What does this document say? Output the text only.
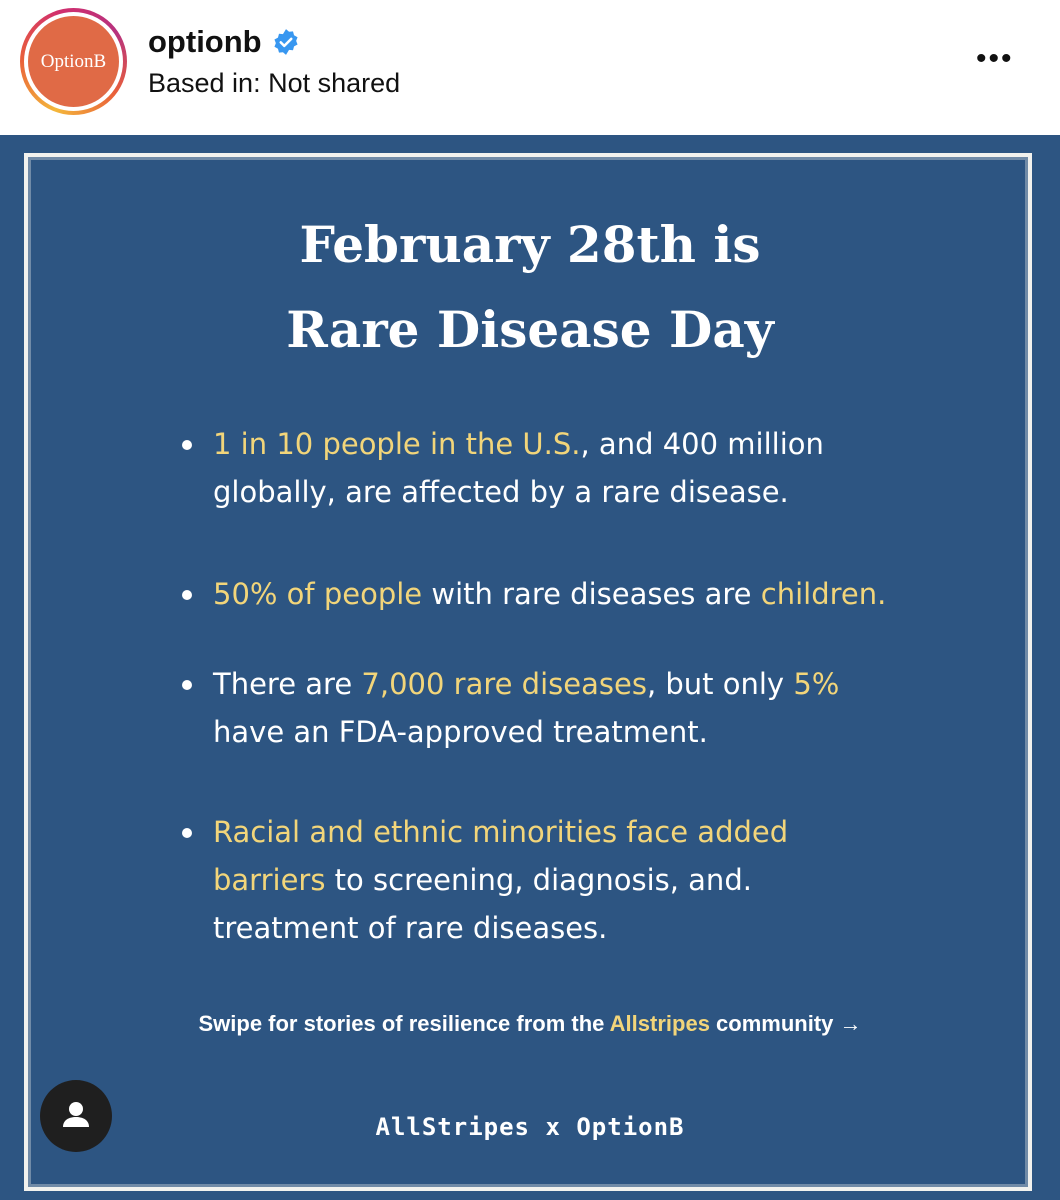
OptionB
optionb
Based in: Not shared
•••
February 28th is
Rare Disease Day
1 in 10 people in the U.S., and 400 million
globally, are affected by a rare disease.
50% of people with rare diseases are children.
There are 7,000 rare diseases, but only 5%
have an FDA-approved treatment.
Racial and ethnic minorities face added
barriers to screening, diagnosis, and.
treatment of rare diseases.
Swipe for stories of resilience from the Allstripes community →
AllStripes x OptionB
